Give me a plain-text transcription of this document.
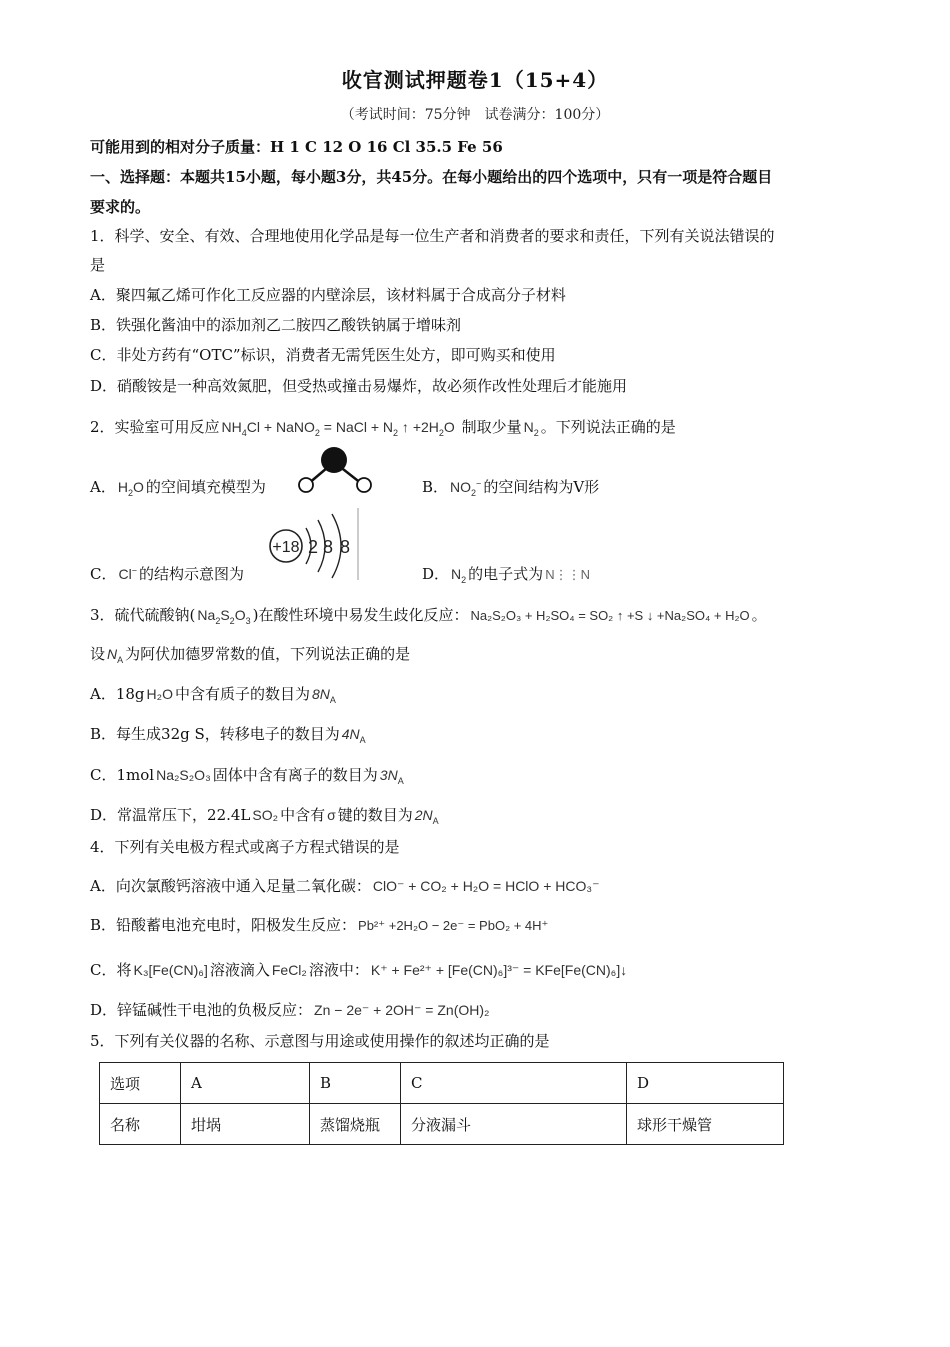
收官测试押题卷1（15+4）
（考试时间：75分钟　试卷满分：100分）
可能用到的相对分子质量：H 1 C 12 O 16 Cl 35.5 Fe 56
一、选择题：本题共15小题，每小题3分，共45分。在每小题给出的四个选项中，只有一项是符合题目
要求的。
1．科学、安全、有效、合理地使用化学品是每一位生产者和消费者的要求和责任，下列有关说法错误的
是
A．聚四氟乙烯可作化工反应器的内壁涂层，该材料属于合成高分子材料
B．铁强化酱油中的添加剂乙二胺四乙酸铁钠属于增味剂
C．非处方药有“OTC”标识，消费者无需凭医生处方，即可购买和使用
D．硝酸铵是一种高效氮肥，但受热或撞击易爆炸，故必须作改性处理后才能施用
2．实验室可用反应 $NH_4Cl$ + NaNO$_2$ = NaCl + $N_2$ ↑ $+2H_2O$ 制取少量 $N_2$ 。下列说法正确的是
A． $H_2O$ 的空间填充模型为	B． $NO_2^-$ 的空间结构为V形
C． Cl− 的结构示意图为
+18 2 8 8
D． $N_2$ 的电子式为 N⋮⋮N
3．硫代硫酸钠( $Na_2S_2O_3$ )在酸性环境中易发生歧化反应： Na₂S₂O₃ + H₂SO₄ = SO₂ ↑ +S ↓ +Na₂SO₄ + H₂O 。
设 $N_A$ 为阿伏加德罗常数的值，下列说法正确的是
A．18g H₂O 中含有质子的数目为 $8N_A$
B．每生成32g S，转移电子的数目为 $4N_A$
C．1mol Na₂S₂O₃ 固体中含有离子的数目为 $3N_A$
D．常温常压下，22.4L SO₂ 中含有 σ 键的数目为 $2N_A$
4．下列有关电极方程式或离子方程式错误的是
A．向次氯酸钙溶液中通入足量二氧化碳： ClO⁻ + CO₂ + H₂O = HClO + HCO₃⁻
B．铅酸蓄电池充电时，阳极发生反应： Pb²⁺ +2H₂O − 2e⁻ = PbO₂ + 4H⁺
C．将 K₃[Fe(CN)₆] 溶液滴入 FeCl₂ 溶液中： K⁺ + Fe²⁺ + [Fe(CN)₆]³⁻ = KFe[Fe(CN)₆]↓
D．锌锰碱性干电池的负极反应： Zn − 2e⁻ + 2OH⁻ = Zn(OH)₂
5．下列有关仪器的名称、示意图与用途或使用操作的叙述均正确的是
选项	A	B	C	D
名称	坩埚	蒸馏烧瓶	分液漏斗	球形干燥管
